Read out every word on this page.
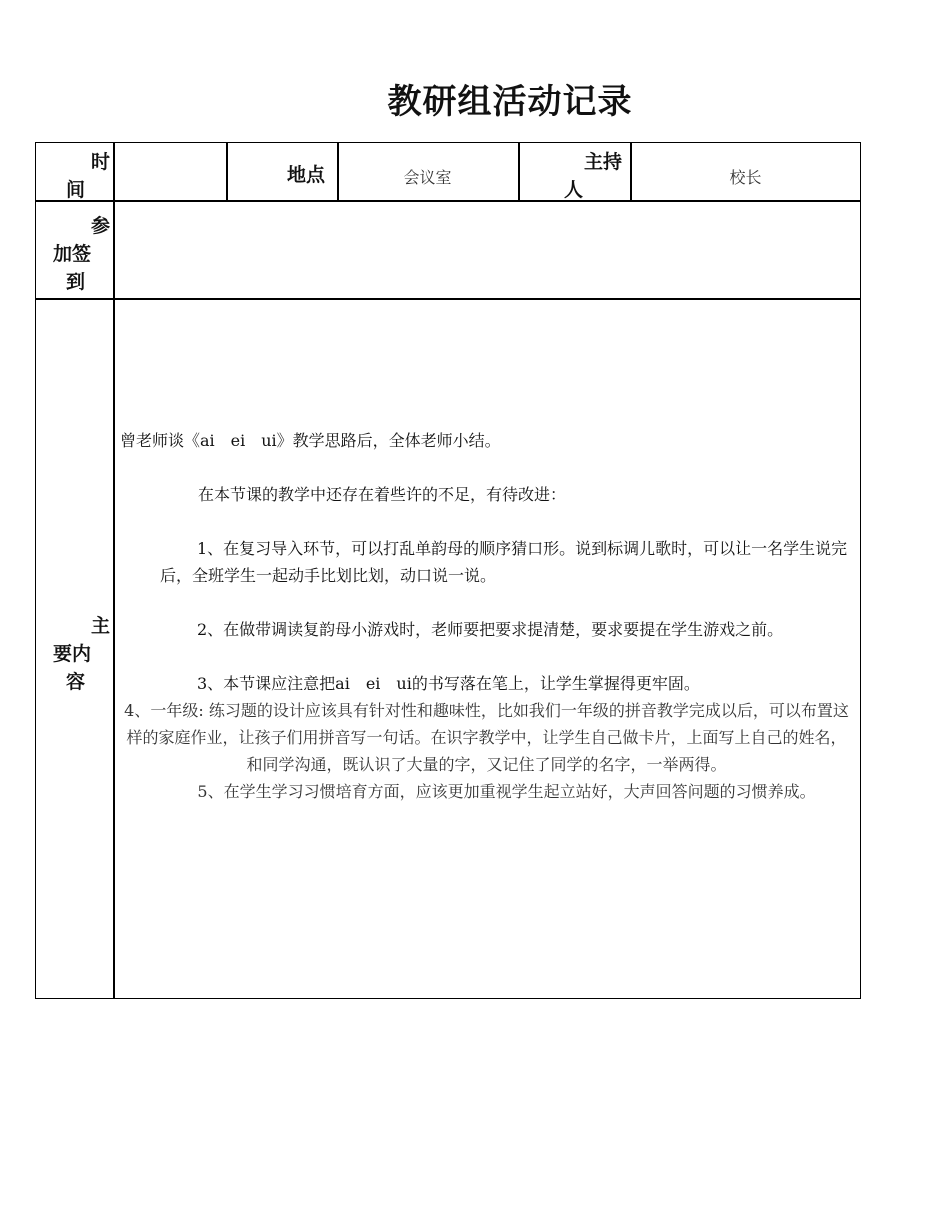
教研组活动记录
时
间
地点	会议室
主持
人
校长
参
加签
到
主
要内
容

曾老师谈《ai　ei　ui》教学思路后，全体老师小结。

在本节课的教学中还存在着些许的不足，有待改进：

1、在复习导入环节，可以打乱单韵母的顺序猜口形。说到标调儿歌时，可以让一名学生说完后，全班学生一起动手比划比划，动口说一说。

2、在做带调读复韵母小游戏时，老师要把要求提清楚，要求要提在学生游戏之前。

3、本节课应注意把ai　ei　ui的书写落在笔上，让学生掌握得更牢固。

4、一年级: 练习题的设计应该具有针对性和趣味性，比如我们一年级的拼音教学完成以后，可以布置这样的家庭作业，让孩子们用拼音写一句话。在识字教学中，让学生自己做卡片，上面写上自己的姓名，和同学沟通，既认识了大量的字，又记住了同学的名字，一举两得。

5、在学生学习习惯培育方面，应该更加重视学生起立站好，大声回答问题的习惯养成。
